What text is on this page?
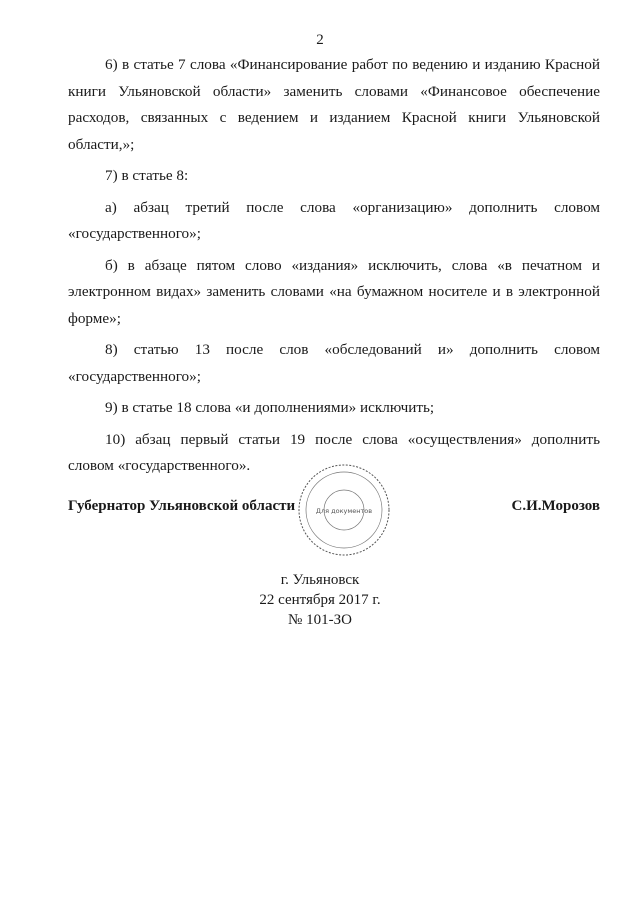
2

6) в статье 7 слова «Финансирование работ по ведению и изданию Красной книги Ульяновской области» заменить словами «Финансовое обеспечение расходов, связанных с ведением и изданием Красной книги Ульяновской области,»;

7) в статье 8:

а) абзац третий после слова «организацию» дополнить словом «государственного»;

б) в абзаце пятом слово «издания» исключить, слова «в печатном и электронном видах» заменить словами «на бумажном носителе и в электронной форме»;

8) статью 13 после слов «обследований и» дополнить словом «государственного»;

9) в статье 18 слова «и дополнениями» исключить;

10) абзац первый статьи 19 после слова «осуществления» дополнить словом «государственного».

Губернатор Ульяновской области	С.И.Морозов
Для документов
г. Ульяновск
22 сентября 2017 г.
№ 101-ЗО
